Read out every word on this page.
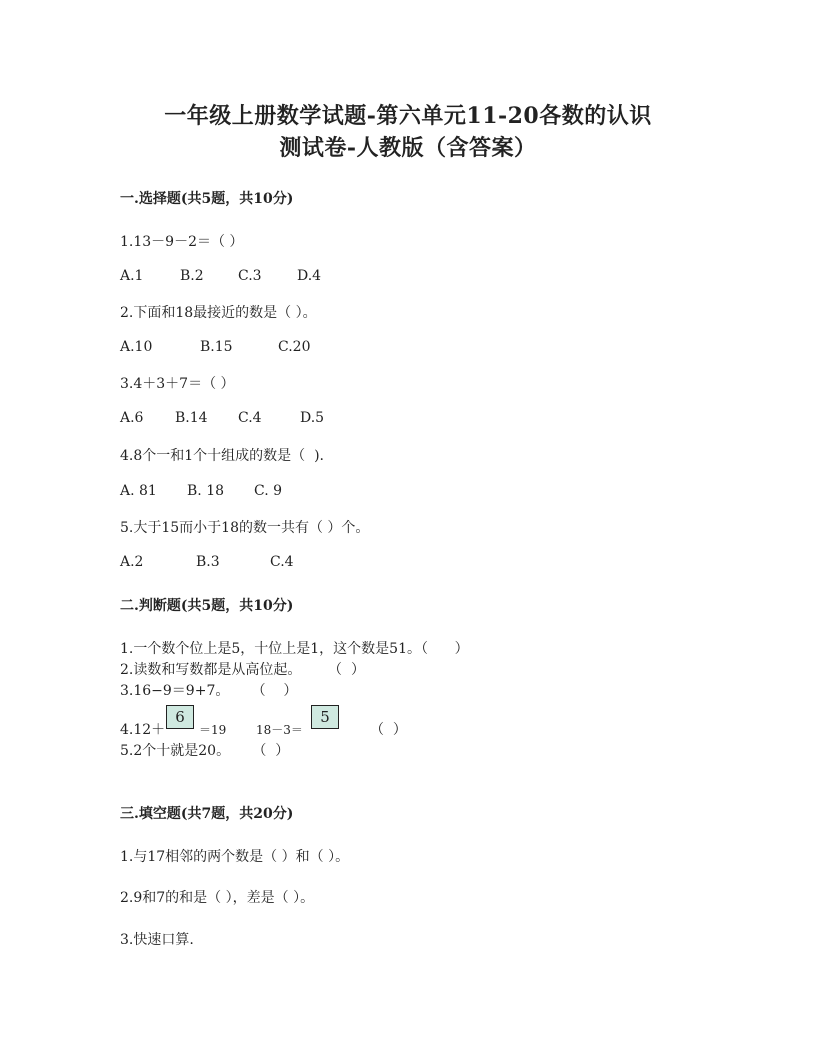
一年级上册数学试题-第六单元11-20各数的认识
测试卷-人教版（含答案）
一.选择题(共5题，共10分)
1.13－9－2＝（ ）
A.1	B.2 C.3	D.4
2.下面和18最接近的数是（ ）。
A.10	B.15	C.20
3.4＋3＋7＝（ ）
A.6 B.14 C.4	D.5
4.8个一和1个十组成的数是（  ).
A. 81 B. 18 C. 9
5.大于15而小于18的数一共有（ ）个。
A.2	B.3	C.4
二.判断题(共5题，共10分)
1.一个数个位上是5，十位上是1，这个数是51。（      ）
2.读数和写数都是从高位起。      （  ）
3.16−9＝9+7。     （    ）
4.12＋
6
＝19 18－3＝
5
（  ）
5.2个十就是20。     （  ）
三.填空题(共7题，共20分)
1.与17相邻的两个数是（ ）和（ ）。
2.9和7的和是（ ），差是（ ）。
3.快速口算.
